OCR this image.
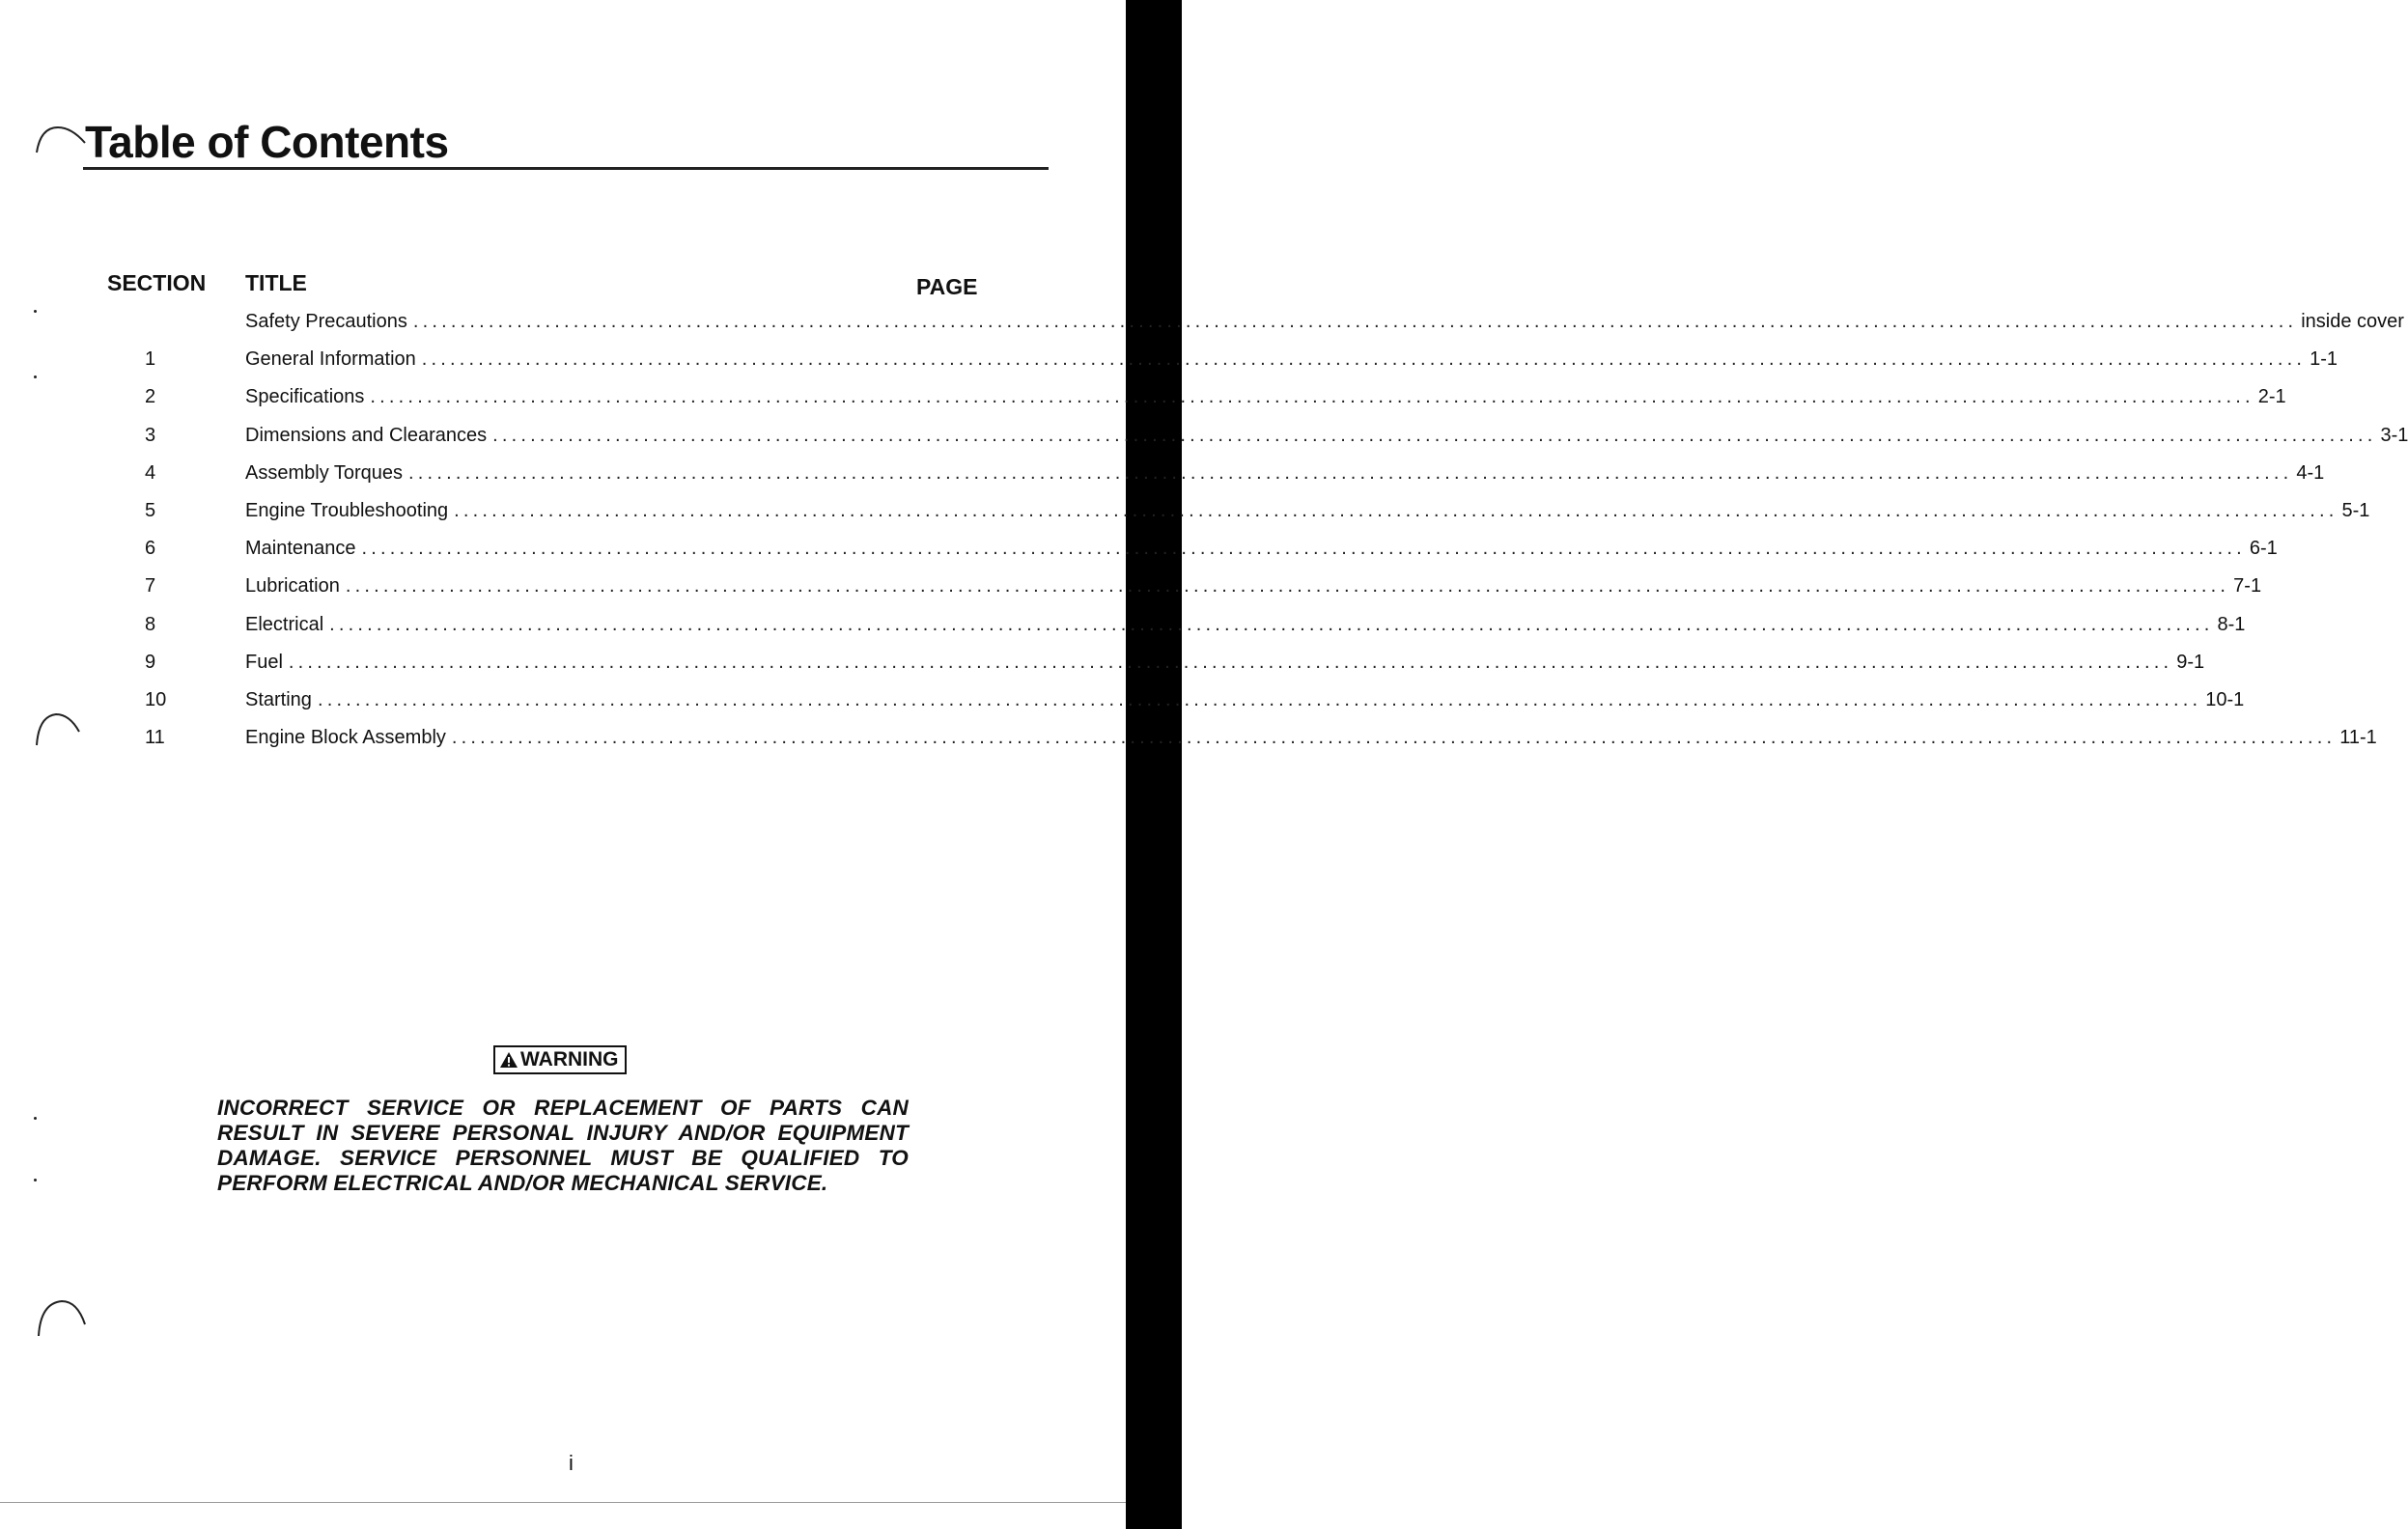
Table of Contents
SECTION TITLE	PAGE
Safety Precautions ........................................................................................................................................................................................................ inside cover
1	General Information ........................................................................................................................................................................................................ 1-1
2	Specifications ........................................................................................................................................................................................................ 2-1
3	Dimensions and Clearances ........................................................................................................................................................................................................ 3-1
4	Assembly Torques ........................................................................................................................................................................................................ 4-1
5	Engine Troubleshooting ........................................................................................................................................................................................................ 5-1
6	Maintenance ........................................................................................................................................................................................................ 6-1
7	Lubrication ........................................................................................................................................................................................................ 7-1
8	Electrical ........................................................................................................................................................................................................ 8-1
9	Fuel ........................................................................................................................................................................................................ 9-1
10	Starting ........................................................................................................................................................................................................ 10-1
11	Engine Block Assembly ........................................................................................................................................................................................................ 11-1
WARNING

INCORRECT SERVICE OR REPLACEMENT OF PARTS CAN RESULT IN SEVERE PERSONAL INJURY AND/OR EQUIPMENT DAMAGE. SERVICE PERSONNEL MUST BE QUALIFIED TO PERFORM ELECTRICAL AND/OR MECHANICAL SERVICE.

i
